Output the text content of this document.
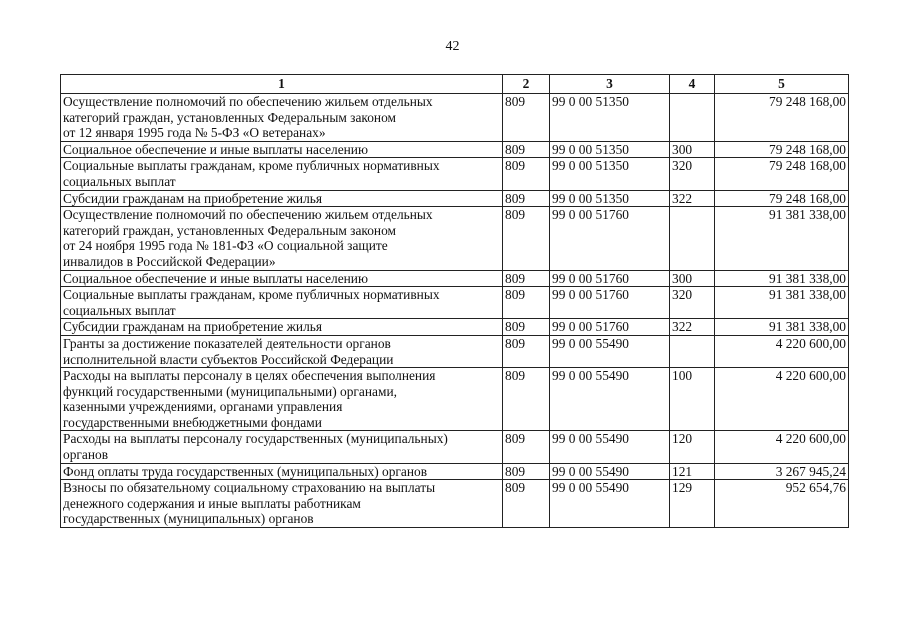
42
1	2	3	4	5

Осуществление полномочий по обеспечению жильем отдельных
категорий граждан, установленных Федеральным законом
от 12 января 1995 года № 5-ФЗ «О ветеранах»	809	99 0 00 51350		79 248 168,00

Социальное обеспечение и иные выплаты населению	809	99 0 00 51350	300	79 248 168,00

Социальные выплаты гражданам, кроме публичных нормативных
социальных выплат	809	99 0 00 51350	320	79 248 168,00

Субсидии гражданам на приобретение жилья	809	99 0 00 51350	322	79 248 168,00

Осуществление полномочий по обеспечению жильем отдельных
категорий граждан, установленных Федеральным законом
от 24 ноября 1995 года № 181-ФЗ «О социальной защите
инвалидов в Российской Федерации»	809	99 0 00 51760		91 381 338,00

Социальное обеспечение и иные выплаты населению	809	99 0 00 51760	300	91 381 338,00

Социальные выплаты гражданам, кроме публичных нормативных
социальных выплат	809	99 0 00 51760	320	91 381 338,00

Субсидии гражданам на приобретение жилья	809	99 0 00 51760	322	91 381 338,00

Гранты за достижение показателей деятельности органов
исполнительной власти субъектов Российской Федерации	809	99 0 00 55490		4 220 600,00

Расходы на выплаты персоналу в целях обеспечения выполнения
функций государственными (муниципальными) органами,
казенными учреждениями, органами управления
государственными внебюджетными фондами	809	99 0 00 55490	100	4 220 600,00

Расходы на выплаты персоналу государственных (муниципальных)
органов	809	99 0 00 55490	120	4 220 600,00

Фонд оплаты труда государственных (муниципальных) органов	809	99 0 00 55490	121	3 267 945,24

Взносы по обязательному социальному страхованию на выплаты
денежного содержания и иные выплаты работникам
государственных (муниципальных) органов	809	99 0 00 55490	129	952 654,76
